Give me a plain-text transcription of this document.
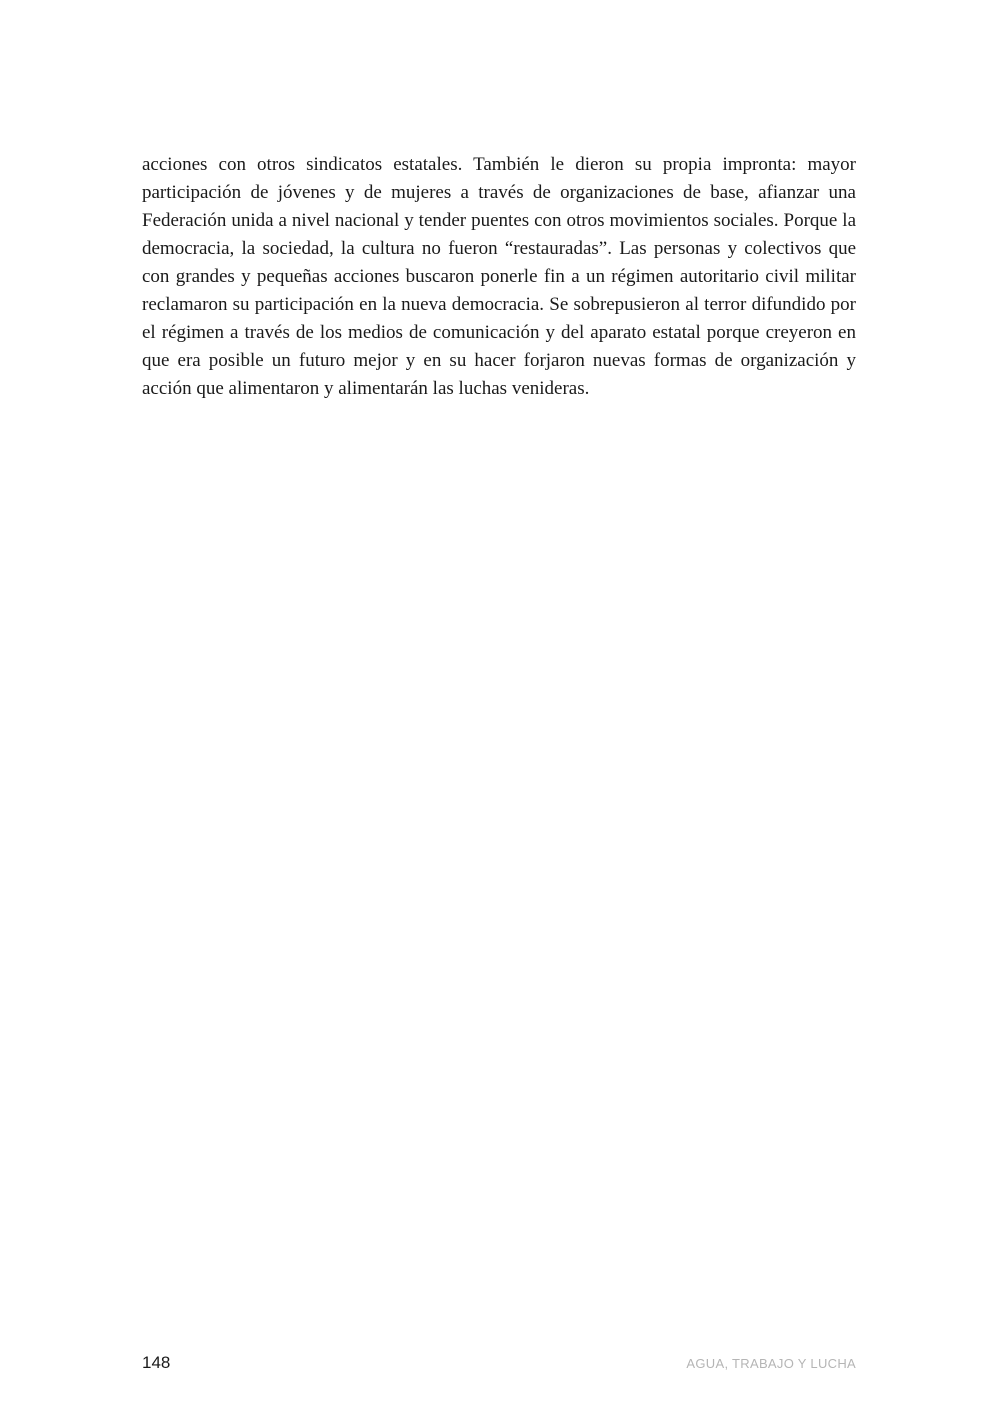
acciones con otros sindicatos estatales. También le dieron su propia impronta: mayor participación de jóvenes y de mujeres a través de organizaciones de base, afianzar una Federación unida a nivel nacional y tender puentes con otros movimientos sociales. Porque la democracia, la sociedad, la cultura no fueron “restauradas”. Las personas y colectivos que con grandes y pequeñas acciones buscaron ponerle fin a un régimen autoritario civil militar reclamaron su participación en la nueva democracia. Se sobrepusieron al terror difundido por el régimen a través de los medios de comunicación y del aparato estatal porque creyeron en que era posible un futuro mejor y en su hacer forjaron nuevas formas de organización y acción que alimentaron y alimentarán las luchas venideras.

148	AGUA, TRABAJO Y LUCHA
